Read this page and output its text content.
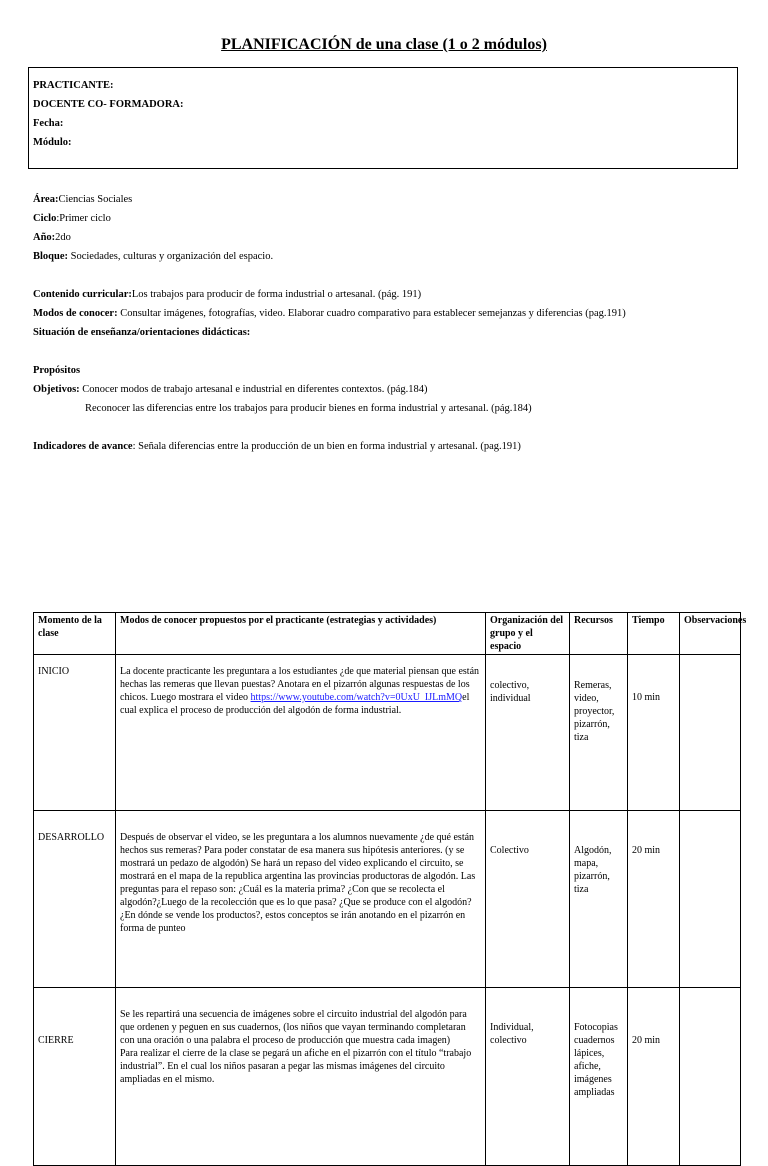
PLANIFICACIÓN de una clase (1 o 2 módulos)
PRACTICANTE:
DOCENTE CO- FORMADORA:
Fecha:
Módulo:
Área:Ciencias Sociales
Ciclo:Primer ciclo
Año:2do
Bloque: Sociedades, culturas y organización del espacio.
Contenido curricular:Los trabajos para producir de forma industrial o artesanal. (pág. 191)
Modos de conocer: Consultar imágenes, fotografías, video. Elaborar cuadro comparativo para establecer semejanzas y diferencias (pag.191)
Situación de enseñanza/orientaciones didácticas:
Propósitos
Objetivos: Conocer modos de trabajo artesanal e industrial en diferentes contextos. (pág.184)
Reconocer las diferencias entre los trabajos para producir bienes en forma industrial y artesanal. (pág.184)
Indicadores de avance: Señala diferencias entre la producción de un bien en forma industrial y artesanal. (pag.191)
Momento de la clase	Modos de conocer propuestos por el practicante (estrategias y actividades)	Organización del grupo y el espacio	Recursos	Tiempo	Observaciones
INICIO	La docente practicante les preguntara a los estudiantes ¿de que material piensan que están hechas las remeras que llevan puestas? Anotara en el pizarrón algunas respuestas de los chicos. Luego mostrara el video https://www.youtube.com/watch?v=0UxU_IJLmMQel cual explica el proceso de producción del algodón de forma industrial.	colectivo, individual	Remeras, video, proyector, pizarrón, tiza	10 min	
DESARROLLO	Después de observar el video, se les preguntara a los alumnos nuevamente ¿de qué están hechos sus remeras? Para poder constatar de esa manera sus hipótesis anteriores. (y se mostrará un pedazo de algodón) Se hará un repaso del video explicando el circuito, se mostrará en el mapa de la republica argentina las provincias productoras de algodón. Las preguntas para el repaso son: ¿Cuál es la materia prima? ¿Con que se recolecta el algodón?¿Luego de la recolección que es lo que pasa? ¿Que se produce con el algodón? ¿En dónde se vende los productos?, estos conceptos se irán anotando en el pizarrón en forma de punteo	Colectivo	Algodón, mapa, pizarrón, tiza	20 min	
CIERRE	Se les repartirá una secuencia de imágenes sobre el circuito industrial del algodón para que ordenen y peguen en sus cuadernos, (los niños que vayan terminando completaran con una oración o una palabra el proceso de producción que muestra cada imagen)
Para realizar el cierre de la clase se pegará un afiche en el pizarrón con el título “trabajo industrial”. En el cual los niños pasaran a pegar las mismas imágenes del circuito ampliadas en el mismo.	Individual, colectivo	Fotocopias cuadernos lápices, afiche, imágenes ampliadas	20 min	
